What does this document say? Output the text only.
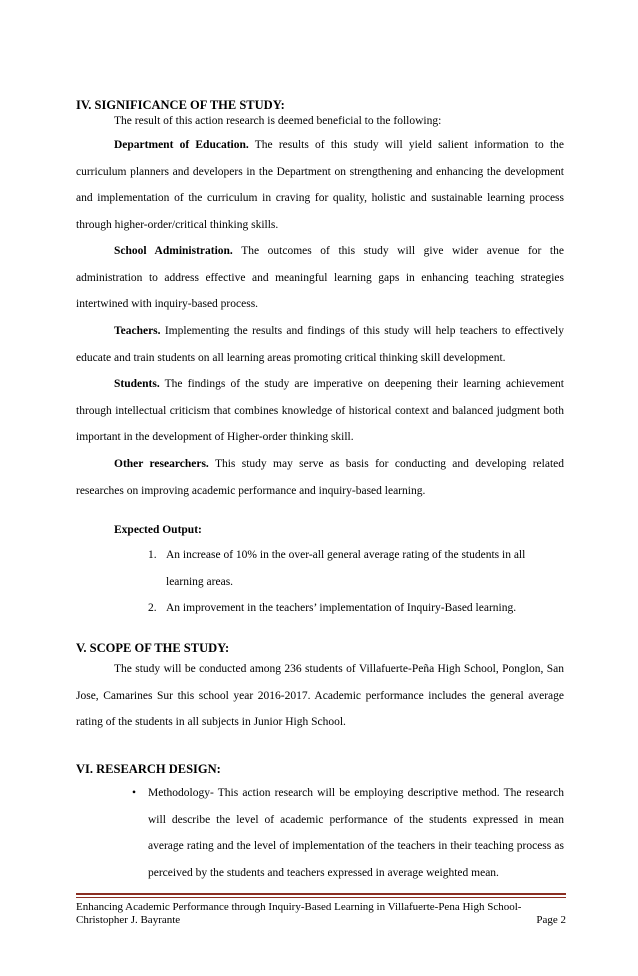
IV. SIGNIFICANCE OF THE STUDY:
The result of this action research is deemed beneficial to the following:
Department of Education. The results of this study will yield salient information to the curriculum planners and developers in the Department on strengthening and enhancing the development and implementation of the curriculum in craving for quality, holistic and sustainable learning process through higher-order/critical thinking skills.
School Administration. The outcomes of this study will give wider avenue for the administration to address effective and meaningful learning gaps in enhancing teaching strategies intertwined with inquiry-based process.
Teachers. Implementing the results and findings of this study will help teachers to effectively educate and train students on all learning areas promoting critical thinking skill development.
Students. The findings of the study are imperative on deepening their learning achievement through intellectual criticism that combines knowledge of historical context and balanced judgment both important in the development of Higher-order thinking skill.
Other researchers. This study may serve as basis for conducting and developing related researches on improving academic performance and inquiry-based learning.
Expected Output:
1. An increase of 10% in the over-all general average rating of the students in all learning areas.
2. An improvement in the teachers’ implementation of Inquiry-Based learning.
V. SCOPE OF THE STUDY:
The study will be conducted among 236 students of Villafuerte-Peña High School, Ponglon, San Jose, Camarines Sur this school year 2016-2017. Academic performance includes the general average rating of the students in all subjects in Junior High School.
VI. RESEARCH DESIGN:
• Methodology- This action research will be employing descriptive method. The research will describe the level of academic performance of the students expressed in mean average rating and the level of implementation of the teachers in their teaching process as perceived by the students and teachers expressed in average weighted mean.
Enhancing Academic Performance through Inquiry-Based Learning in Villafuerte-Pena High School-
Christopher J. Bayrante	Page 2
